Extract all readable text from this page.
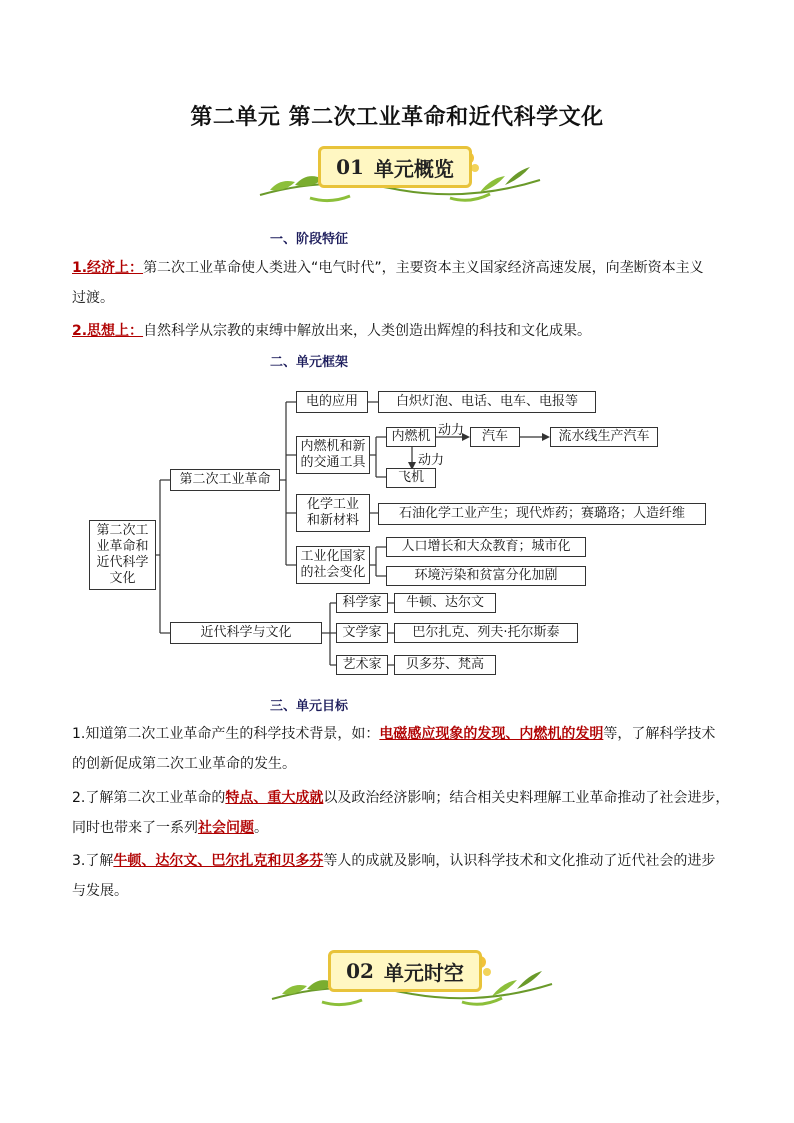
第二单元 第二次工业革命和近代科学文化
01 单元概览
一、阶段特征
1.经济上：第二次工业革命使人类进入“电气时代”，主要资本主义国家经济高速发展，向垄断资本主义
过渡。
2.思想上：自然科学从宗教的束缚中解放出来，人类创造出辉煌的科技和文化成果。
二、单元框架
第二次工
业革命和
近代科学
文化
第二次工业革命
近代科学与文化
电的应用	白炽灯泡、电话、电车、电报等
内燃机和新
的交通工具
内燃机 动力	汽车	流水线生产汽车
动力
飞机
化学工业
和新材料	石油化学工业产生；现代炸药；赛璐珞；人造纤维
工业化国家
的社会变化
人口增长和大众教育；城市化
环境污染和贫富分化加剧
科学家	牛顿、达尔文
文学家	巴尔扎克、列夫·托尔斯泰
艺术家	贝多芬、梵高
三、单元目标
1.知道第二次工业革命产生的科学技术背景，如：电磁感应现象的发现、内燃机的发明等，了解科学技术
的创新促成第二次工业革命的发生。
2.了解第二次工业革命的特点、重大成就以及政治经济影响；结合相关史料理解工业革命推动了社会进步，
同时也带来了一系列社会问题。
3.了解牛顿、达尔文、巴尔扎克和贝多芬等人的成就及影响，认识科学技术和文化推动了近代社会的进步
与发展。
02 单元时空
